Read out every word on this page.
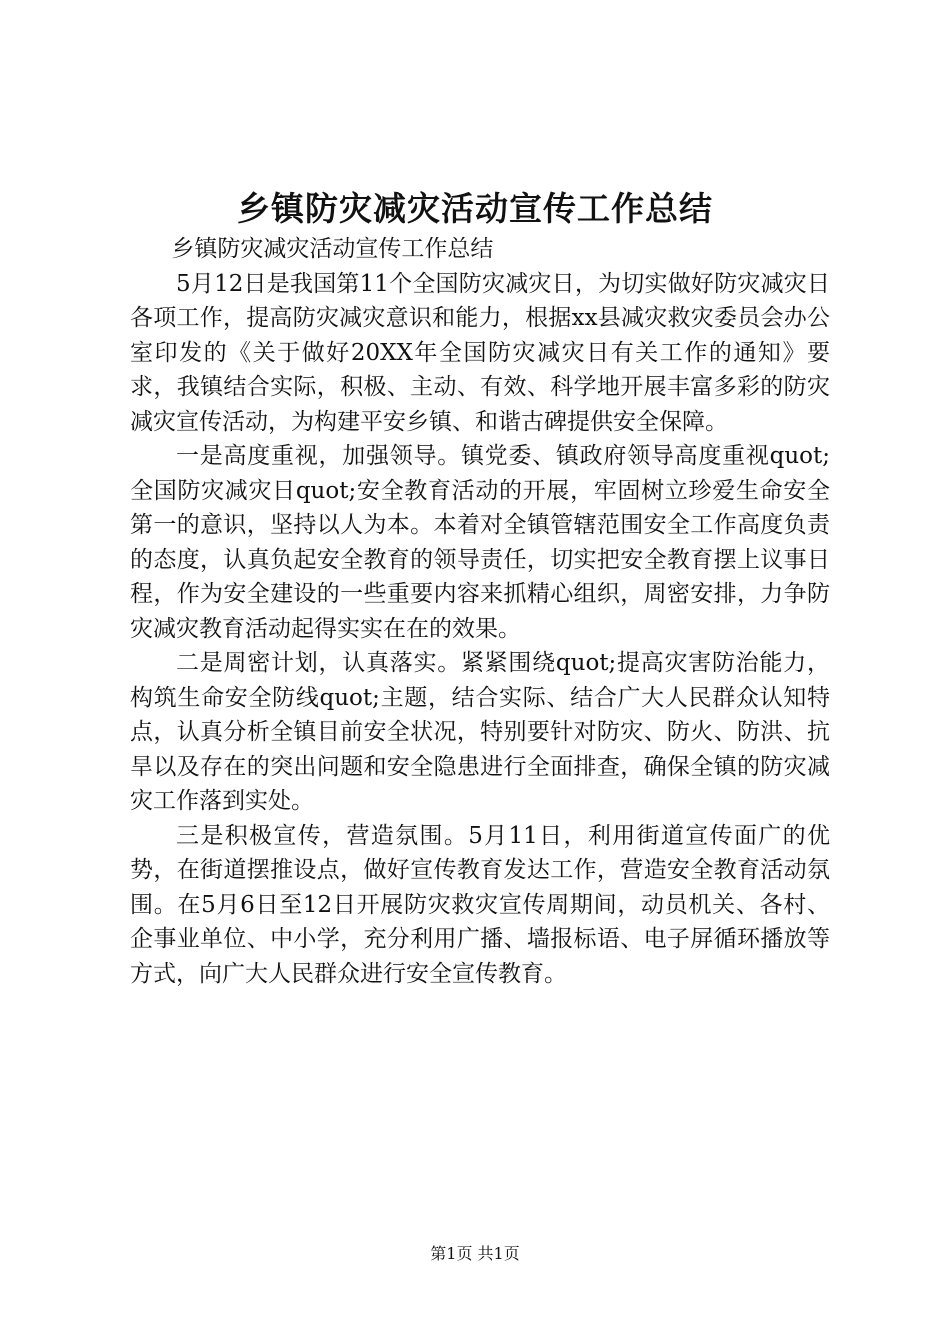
乡镇防灾减灾活动宣传工作总结

乡镇防灾减灾活动宣传工作总结

5月12日是我国第11个全国防灾减灾日，为切实做好防灾减灾日各项工作，提高防灾减灾意识和能力，根据xx县减灾救灾委员会办公室印发的《关于做好20XX年全国防灾减灾日有关工作的通知》要求，我镇结合实际，积极、主动、有效、科学地开展丰富多彩的防灾减灾宣传活动，为构建平安乡镇、和谐古碑提供安全保障。

一是高度重视，加强领导。镇党委、镇政府领导高度重视quot;全国防灾减灾日quot;安全教育活动的开展，牢固树立珍爱生命安全第一的意识，坚持以人为本。本着对全镇管辖范围安全工作高度负责的态度，认真负起安全教育的领导责任，切实把安全教育摆上议事日程，作为安全建设的一些重要内容来抓精心组织，周密安排，力争防灾减灾教育活动起得实实在在的效果。

二是周密计划，认真落实。紧紧围绕quot;提高灾害防治能力，构筑生命安全防线quot;主题，结合实际、结合广大人民群众认知特点，认真分析全镇目前安全状况，特别要针对防灾、防火、防洪、抗旱以及存在的突出问题和安全隐患进行全面排查，确保全镇的防灾减灾工作落到实处。

三是积极宣传，营造氛围。5月11日，利用街道宣传面广的优势，在街道摆推设点，做好宣传教育发达工作，营造安全教育活动氛围。在5月6日至12日开展防灾救灾宣传周期间，动员机关、各村、企事业单位、中小学，充分利用广播、墙报标语、电子屏循环播放等方式，向广大人民群众进行安全宣传教育。

第1页 共1页
